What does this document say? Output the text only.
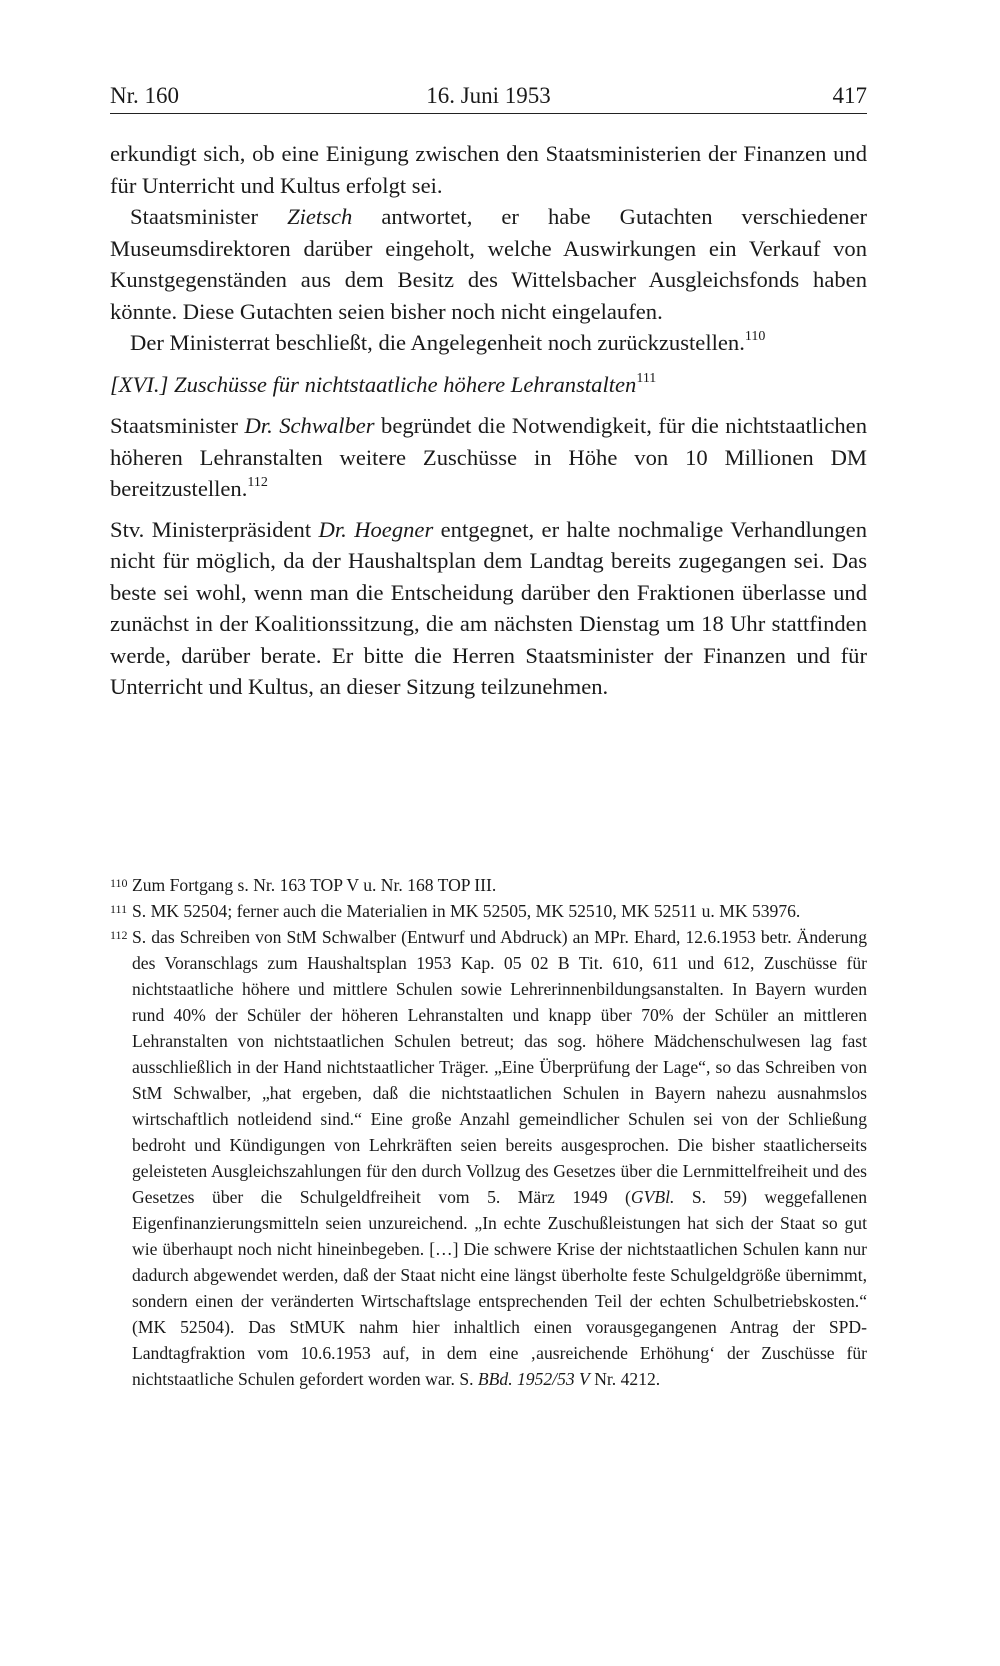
Nr. 160	16. Juni 1953	417

erkundigt sich, ob eine Einigung zwischen den Staatsministerien der Finanzen und für Unterricht und Kultus erfolgt sei.

Staatsminister Zietsch antwortet, er habe Gutachten verschiedener Museumsdirektoren darüber eingeholt, welche Auswirkungen ein Verkauf von Kunstgegenständen aus dem Besitz des Wittelsbacher Ausgleichsfonds haben könnte. Diese Gutachten seien bisher noch nicht eingelaufen.

Der Ministerrat beschließt, die Angelegenheit noch zurückzustellen.$^{110}$

[XVI.] Zuschüsse für nichtstaatliche höhere Lehranstalten$^{111}$

Staatsminister Dr. Schwalber begründet die Notwendigkeit, für die nichtstaatlichen höheren Lehranstalten weitere Zuschüsse in Höhe von 10 Millionen DM bereitzustellen.$^{112}$

Stv. Ministerpräsident Dr. Hoegner entgegnet, er halte nochmalige Verhandlungen nicht für möglich, da der Haushaltsplan dem Landtag bereits zugegangen sei. Das beste sei wohl, wenn man die Entscheidung darüber den Fraktionen überlasse und zunächst in der Koalitionssitzung, die am nächsten Dienstag um 18 Uhr stattfinden werde, darüber berate. Er bitte die Herren Staatsminister der Finanzen und für Unterricht und Kultus, an dieser Sitzung teilzunehmen.

110 Zum Fortgang s. Nr. 163 TOP V u. Nr. 168 TOP III.
111 S. MK 52504; ferner auch die Materialien in MK 52505, MK 52510, MK 52511 u. MK 53976.
112 S. das Schreiben von StM Schwalber (Entwurf und Abdruck) an MPr. Ehard, 12.6.1953 betr. Änderung des Voranschlags zum Haushaltsplan 1953 Kap. 05 02 B Tit. 610, 611 und 612, Zuschüsse für nichtstaatliche höhere und mittlere Schulen sowie Lehrerinnenbildungsanstalten. In Bayern wurden rund 40% der Schüler der höheren Lehranstalten und knapp über 70% der Schüler an mittleren Lehranstalten von nichtstaatlichen Schulen betreut; das sog. höhere Mädchenschulwesen lag fast ausschließlich in der Hand nichtstaatlicher Träger. „Eine Überprüfung der Lage“, so das Schreiben von StM Schwalber, „hat ergeben, daß die nichtstaatlichen Schulen in Bayern nahezu ausnahmslos wirtschaftlich notleidend sind.“ Eine große Anzahl gemeindlicher Schulen sei von der Schließung bedroht und Kündigungen von Lehrkräften seien bereits ausgesprochen. Die bisher staatlicherseits geleisteten Ausgleichszahlungen für den durch Vollzug des Gesetzes über die Lernmittelfreiheit und des Gesetzes über die Schulgeldfreiheit vom 5. März 1949 (GVBl. S. 59) weggefallenen Eigenfinanzierungsmitteln seien unzureichend. „In echte Zuschußleistungen hat sich der Staat so gut wie überhaupt noch nicht hineinbegeben. […] Die schwere Krise der nichtstaatlichen Schulen kann nur dadurch abgewendet werden, daß der Staat nicht eine längst überholte feste Schulgeldgröße übernimmt, sondern einen der veränderten Wirtschaftslage entsprechenden Teil der echten Schulbetriebskosten.“ (MK 52504). Das StMUK nahm hier inhaltlich einen vorausgegangenen Antrag der SPD-Landtagfraktion vom 10.6.1953 auf, in dem eine ‚ausreichende Erhöhung‘ der Zuschüsse für nichtstaatliche Schulen gefordert worden war. S. BBd. 1952/53 V Nr. 4212.
